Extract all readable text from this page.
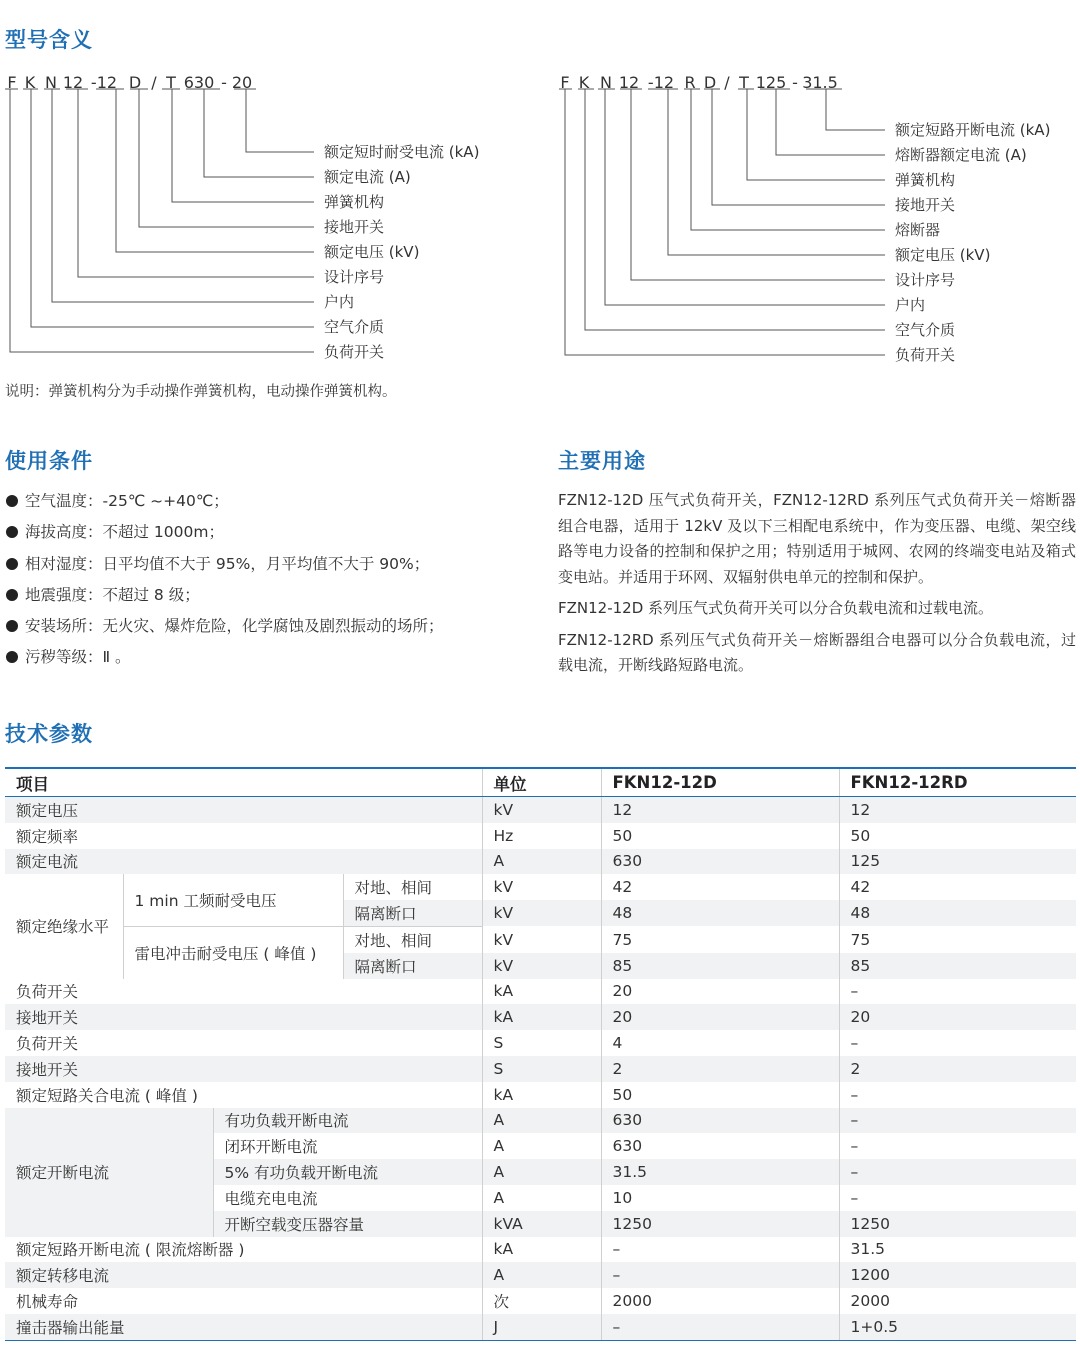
型号含义
F K N 12 -12 D / T 630 - 20
额定短时耐受电流 (kA)
额定电流 (A)
弹簧机构
接地开关
额定电压 (kV)
设计序号
户内
空气介质
负荷开关
F K N 12 -12 R D / T 125 - 31.5
额定短路开断电流 (kA)
熔断器额定电流 (A)
弹簧机构
接地开关
熔断器
额定电压 (kV)
设计序号
户内
空气介质
负荷开关
说明：弹簧机构分为手动操作弹簧机构，电动操作弹簧机构。
使用条件
空气温度：-25℃ ~+40℃；
海拔高度：不超过 1000m；
相对湿度：日平均值不大于 95%，月平均值不大于 90%；
地震强度：不超过 8 级；
安装场所：无火灾、爆炸危险，化学腐蚀及剧烈振动的场所；
污秽等级：Ⅱ 。
主要用途

FZN12-12D 压气式负荷开关，FZN12-12RD 系列压气式负荷开关－熔断器组合电器，适用于 12kV 及以下三相配电系统中，作为变压器、电缆、架空线路等电力设备的控制和保护之用；特别适用于城网、农网的终端变电站及箱式变电站。并适用于环网、双辐射供电单元的控制和保护。

FZN12-12D 系列压气式负荷开关可以分合负载电流和过载电流。

FZN12-12RD 系列压气式负荷开关－熔断器组合电器可以分合负载电流，过载电流，开断线路短路电流。

技术参数
项目				单位	FKN12-12D	FKN12-12RD
额定电压				kV	12	12
额定频率				Hz	50	50
额定电流				A	630	125
额定绝缘水平	1 min 工频耐受电压		对地、相间	kV	42	42
			隔离断口	kV	48	48
	雷电冲击耐受电压 ( 峰值 )		对地、相间	kV	75	75
			隔离断口	kV	85	85
负荷开关				kA	20	–
接地开关				kA	20	20
负荷开关				S	4	–
接地开关				S	2	2
额定短路关合电流 ( 峰值 )				kA	50	–
额定开断电流		有功负载开断电流		A	630	–
		闭环开断电流		A	630	–
		5% 有功负载开断电流		A	31.5	–
		电缆充电电流		A	10	–
		开断空载变压器容量		kVA	1250	1250
额定短路开断电流 ( 限流熔断器 )				kA	–	31.5
额定转移电流				A	–	1200
机械寿命				次	2000	2000
撞击器输出能量				J	–	1+0.5
